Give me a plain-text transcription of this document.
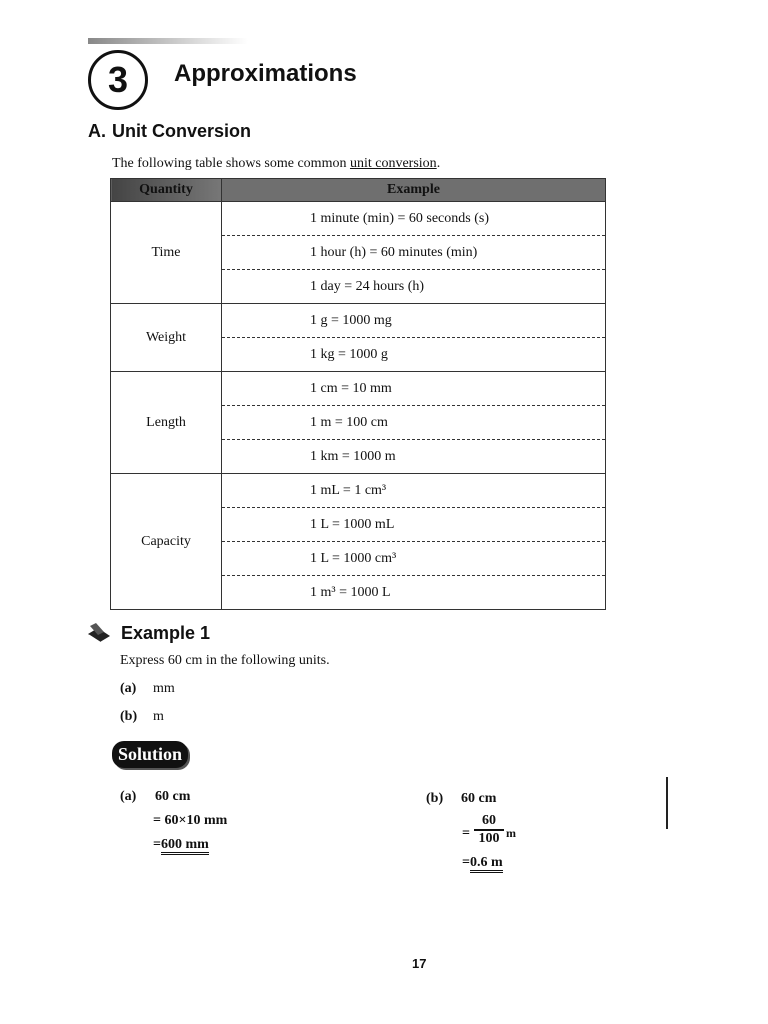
3	Approximations
A. Unit Conversion
The following table shows some common unit conversion.
Quantity	Example
Time	1 minute (min) = 60 seconds (s)
1 hour (h) = 60 minutes (min)
1 day = 24 hours (h)

Weight	1 g = 1000 mg
1 kg = 1000 g

Length	1 cm = 10 mm
1 m = 100 cm
1 km = 1000 m

Capacity	1 mL = 1 cm³
1 L = 1000 mL
1 L = 1000 cm³
1 m³ = 1000 L
Example 1
Express 60 cm in the following units.
(a) mm
(b) m
Solution
(a) 60 cm
= 60×10 mm
=600 mm
(b) 60 cm
= $\frac{60}{100}$ m
=0.6 m
17
